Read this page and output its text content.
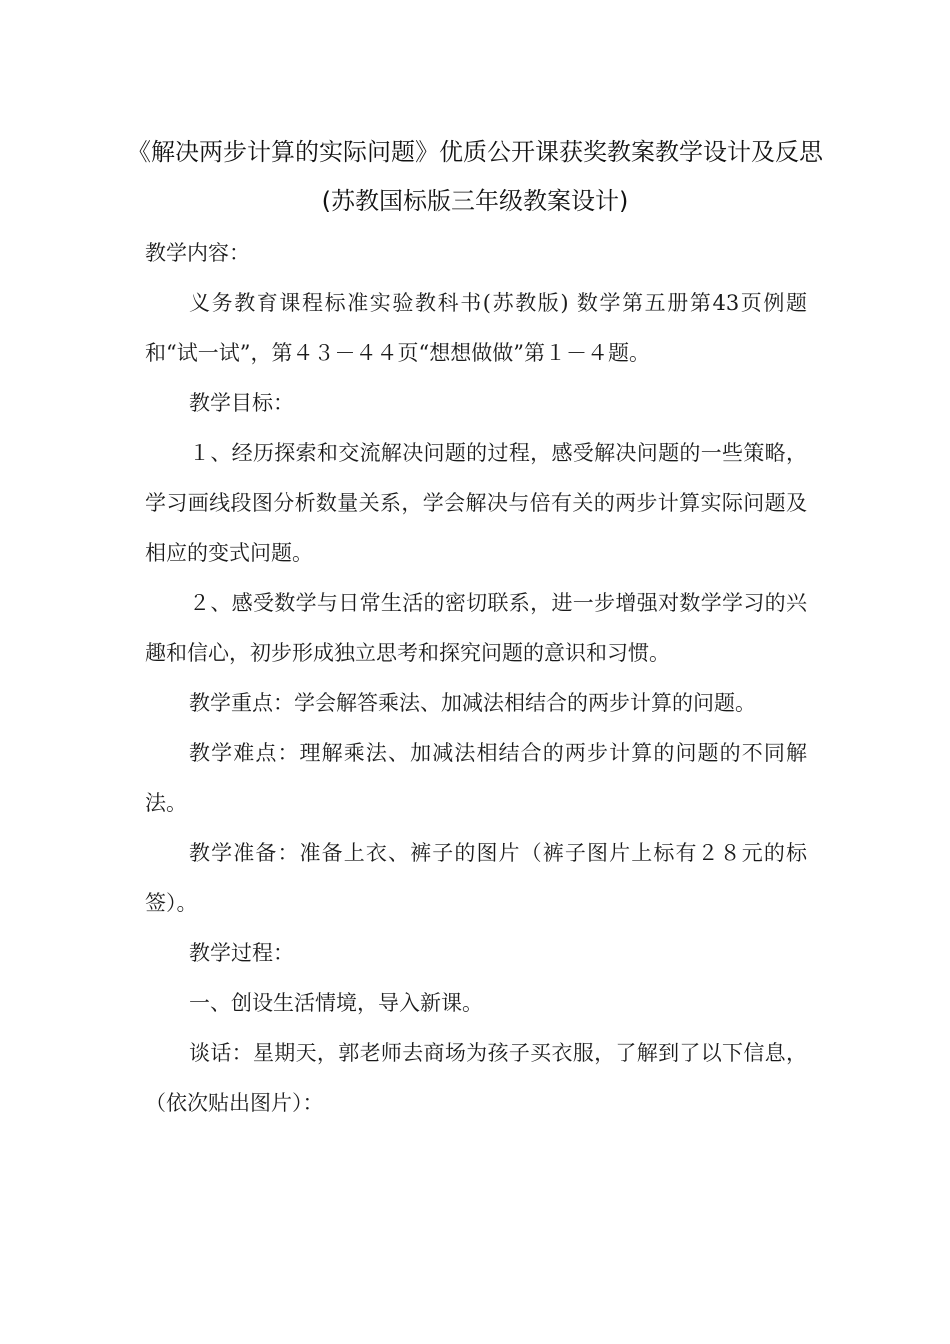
《解决两步计算的实际问题》优质公开课获奖教案教学设计及反思
(苏教国标版三年级教案设计)

教学内容：

义务教育课程标准实验教科书(苏教版) 数学第五册第43页例题和“试一试”，第４３－４４页“想想做做”第１－４题。

教学目标：

１、经历探索和交流解决问题的过程，感受解决问题的一些策略，学习画线段图分析数量关系，学会解决与倍有关的两步计算实际问题及相应的变式问题。

２、感受数学与日常生活的密切联系，进一步增强对数学学习的兴趣和信心，初步形成独立思考和探究问题的意识和习惯。

教学重点：学会解答乘法、加减法相结合的两步计算的问题。

教学难点：理解乘法、加减法相结合的两步计算的问题的不同解法。

教学准备：准备上衣、裤子的图片（裤子图片上标有２８元的标签）。

教学过程：

一、创设生活情境，导入新课。

谈话：星期天，郭老师去商场为孩子买衣服，了解到了以下信息，（依次贴出图片）：
